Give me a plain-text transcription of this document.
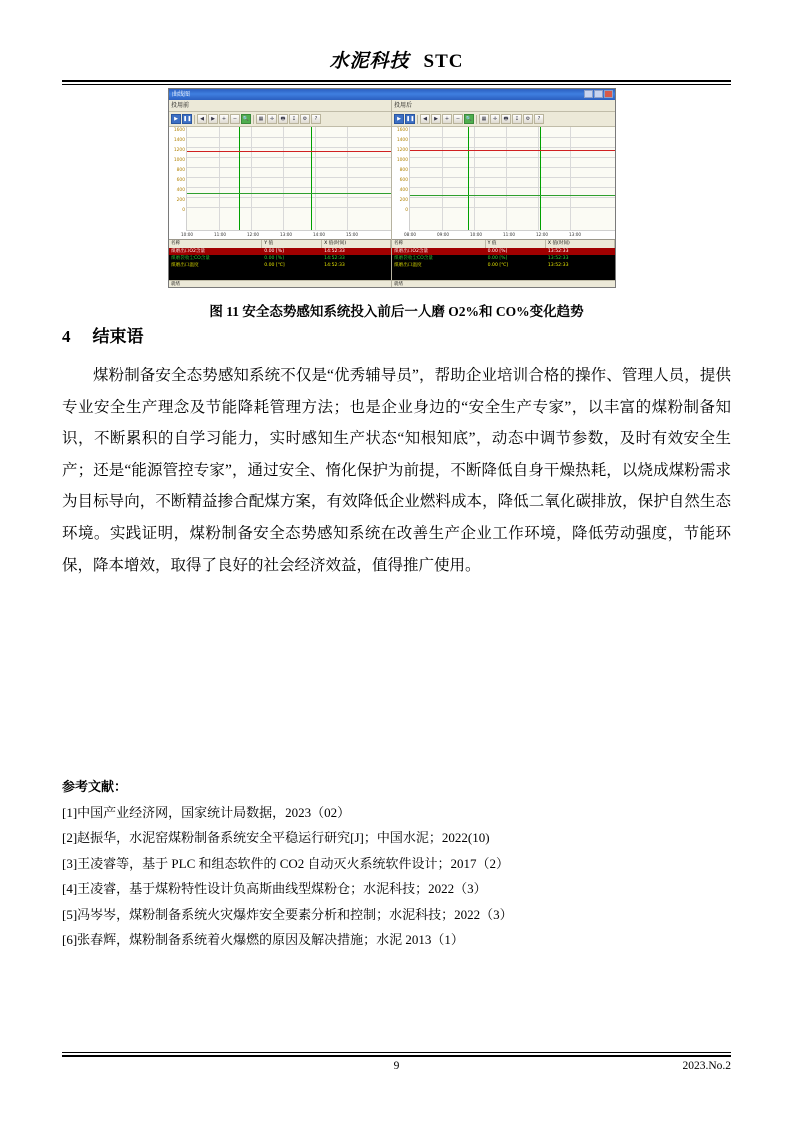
水泥科技 STC
曲线图
投用前
▶	❚❚	◀	▶	+	−	🔍	▦	✛	🖶	↧	⚙	?
1600
1400
1200
1000
800
600
400
200
0
10:00	11:00	12:00	13:00	14:00	15:00
名称	Y 值	X 值(时间)
煤磨出口O2含量	0.00 [%]	14:52:33
煤磨袋收尘CO含量	0.00 [%]	14:52:33
煤磨出口温度	0.00 [℃]	14:52:33
就绪
投用后
▶	❚❚	◀	▶	+	−	🔍	▦	✛	🖶	↧	⚙	?
1600
1400
1200
1000
800
600
400
200
0
08:00	09:00	10:00	11:00	12:00	13:00
名称	Y 值	X 值(时间)
煤磨出口O2含量	0.00 [%]	13:52:33
煤磨袋收尘CO含量	0.00 [%]	13:52:33
煤磨出口温度	0.00 [℃]	13:52:33
就绪
图 11 安全态势感知系统投入前后一人磨 O2%和 CO%变化趋势
4 结束语
煤粉制备安全态势感知系统不仅是“优秀辅导员”，帮助企业培训合格的操作、管理人员，提供专业安全生产理念及节能降耗管理方法；也是企业身边的“安全生产专家”，以丰富的煤粉制备知识，不断累积的自学习能力，实时感知生产状态“知根知底”，动态中调节参数，及时有效安全生产；还是“能源管控专家”，通过安全、惰化保护为前提，不断降低自身干燥热耗，以烧成煤粉需求为目标导向，不断精益掺合配煤方案，有效降低企业燃料成本，降低二氧化碳排放，保护自然生态环境。实践证明，煤粉制备安全态势感知系统在改善生产企业工作环境，降低劳动强度，节能环保，降本增效，取得了良好的社会经济效益，值得推广使用。
参考文献：
[1]中国产业经济网，国家统计局数据，2023（02）
[2]赵振华，水泥窑煤粉制备系统安全平稳运行研究[J]；中国水泥；2022(10)
[3]王凌睿等，基于 PLC 和组态软件的 CO2 自动灭火系统软件设计；2017（2）
[4]王凌睿，基于煤粉特性设计负高斯曲线型煤粉仓；水泥科技；2022（3）
[5]冯岑岑，煤粉制备系统火灾爆炸安全要素分析和控制；水泥科技；2022（3）
[6]张春辉，煤粉制备系统着火爆燃的原因及解决措施；水泥 2013（1）
9	2023.No.2
